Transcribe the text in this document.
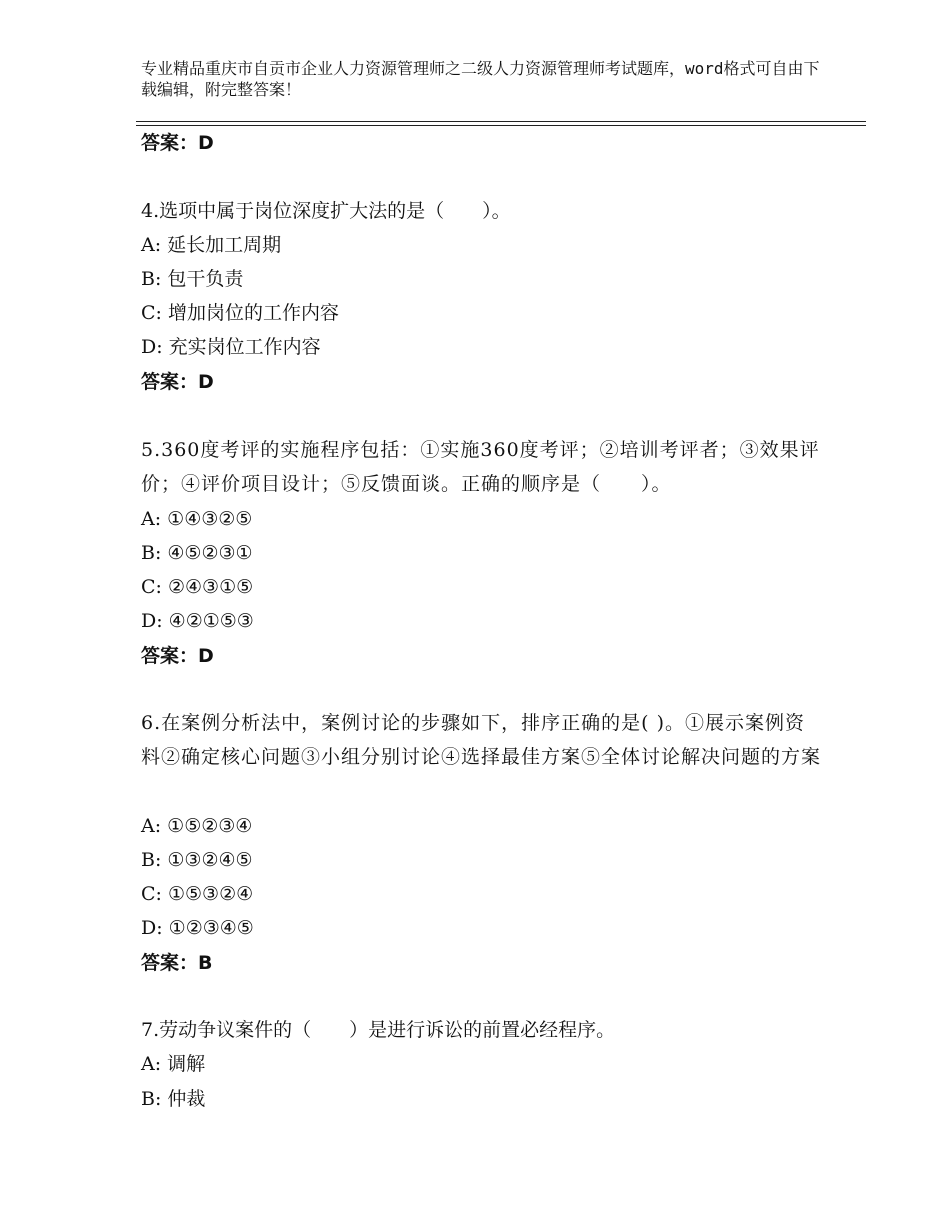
专业精品重庆市自贡市企业人力资源管理师之二级人力资源管理师考试题库，word格式可自由下载编辑，附完整答案！
答案：D
4.选项中属于岗位深度扩大法的是（　　）。
A: 延长加工周期
B: 包干负责
C: 增加岗位的工作内容
D: 充实岗位工作内容
答案：D
5.360度考评的实施程序包括：①实施360度考评；②培训考评者；③效果评价；④评价项目设计；⑤反馈面谈。正确的顺序是（　　）。
A: ①④③②⑤
B: ④⑤②③①
C: ②④③①⑤
D: ④②①⑤③
答案：D
6.在案例分析法中，案例讨论的步骤如下，排序正确的是( )。①展示案例资料②确定核心问题③小组分别讨论④选择最佳方案⑤全体讨论解决问题的方案
A: ①⑤②③④
B: ①③②④⑤
C: ①⑤③②④
D: ①②③④⑤
答案：B
7.劳动争议案件的（　　）是进行诉讼的前置必经程序。
A: 调解
B: 仲裁
